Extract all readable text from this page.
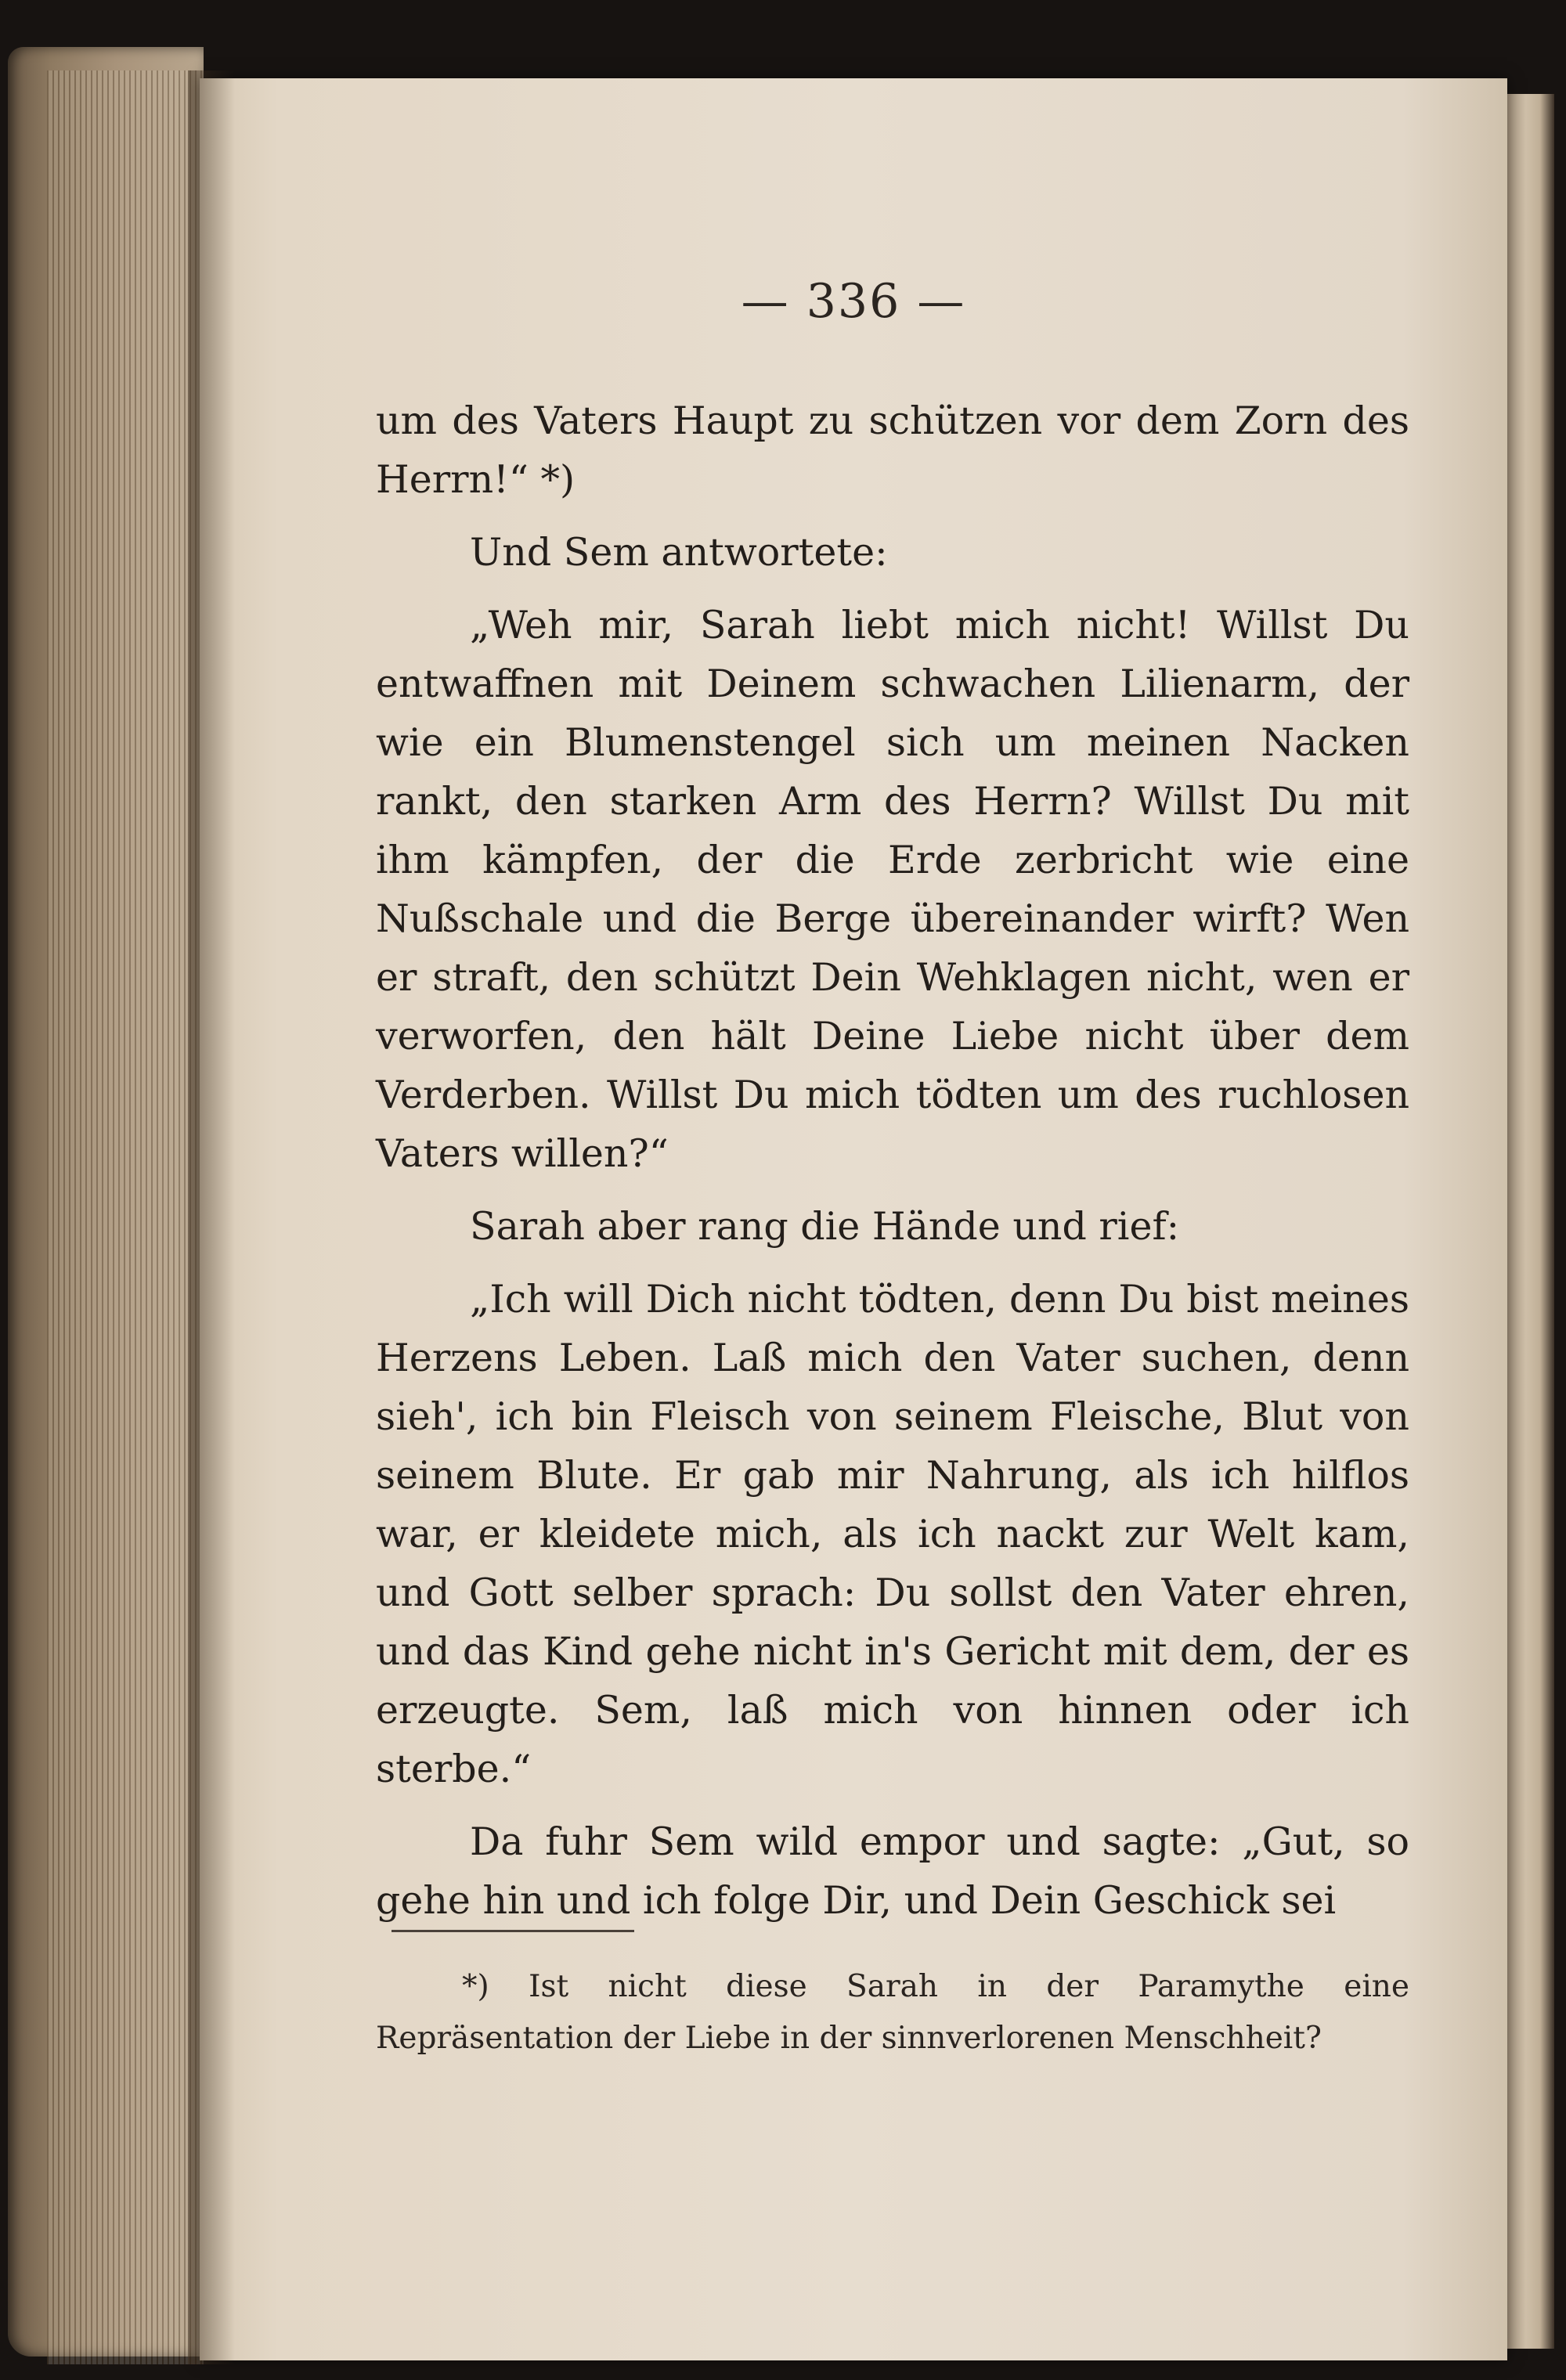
— 336 —

um des Vaters Haupt zu schützen vor dem Zorn des Herrn!“ *)

Und Sem antwortete:

„Weh mir, Sarah liebt mich nicht! Willst Du entwaffnen mit Deinem schwachen Lilienarm, der wie ein Blumenstengel sich um meinen Nacken rankt, den starken Arm des Herrn? Willst Du mit ihm kämpfen, der die Erde zerbricht wie eine Nußschale und die Berge übereinander wirft? Wen er straft, den schützt Dein Wehklagen nicht, wen er verworfen, den hält Deine Liebe nicht über dem Verderben. Willst Du mich tödten um des ruchlosen Vaters willen?“

Sarah aber rang die Hände und rief:

„Ich will Dich nicht tödten, denn Du bist meines Herzens Leben. Laß mich den Vater suchen, denn sieh', ich bin Fleisch von seinem Fleische, Blut von seinem Blute. Er gab mir Nahrung, als ich hilflos war, er kleidete mich, als ich nackt zur Welt kam, und Gott selber sprach: Du sollst den Vater ehren, und das Kind gehe nicht in's Gericht mit dem, der es erzeugte. Sem, laß mich von hinnen oder ich sterbe.“

Da fuhr Sem wild empor und sagte: „Gut, so gehe hin und ich folge Dir, und Dein Geschick sei

*) Ist nicht diese Sarah in der Paramythe eine Repräsentation der Liebe in der sinnverlorenen Menschheit?
